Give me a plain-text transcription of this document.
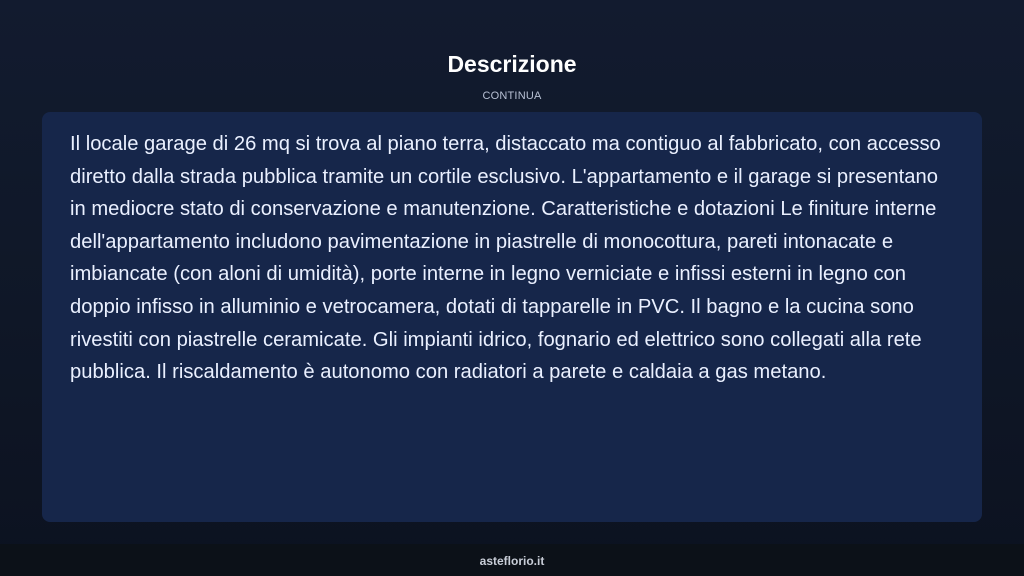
Descrizione
CONTINUA

Il locale garage di 26 mq si trova al piano terra, distaccato ma contiguo al fabbricato, con accesso diretto dalla strada pubblica tramite un cortile esclusivo. L'appartamento e il garage si presentano in mediocre stato di conservazione e manutenzione. Caratteristiche e dotazioni Le finiture interne dell'appartamento includono pavimentazione in piastrelle di monocottura, pareti intonacate e imbiancate (con aloni di umidità), porte interne in legno verniciate e infissi esterni in legno con doppio infisso in alluminio e vetrocamera, dotati di tapparelle in PVC. Il bagno e la cucina sono rivestiti con piastrelle ceramicate. Gli impianti idrico, fognario ed elettrico sono collegati alla rete pubblica. Il riscaldamento è autonomo con radiatori a parete e caldaia a gas metano.

asteflorio.it
